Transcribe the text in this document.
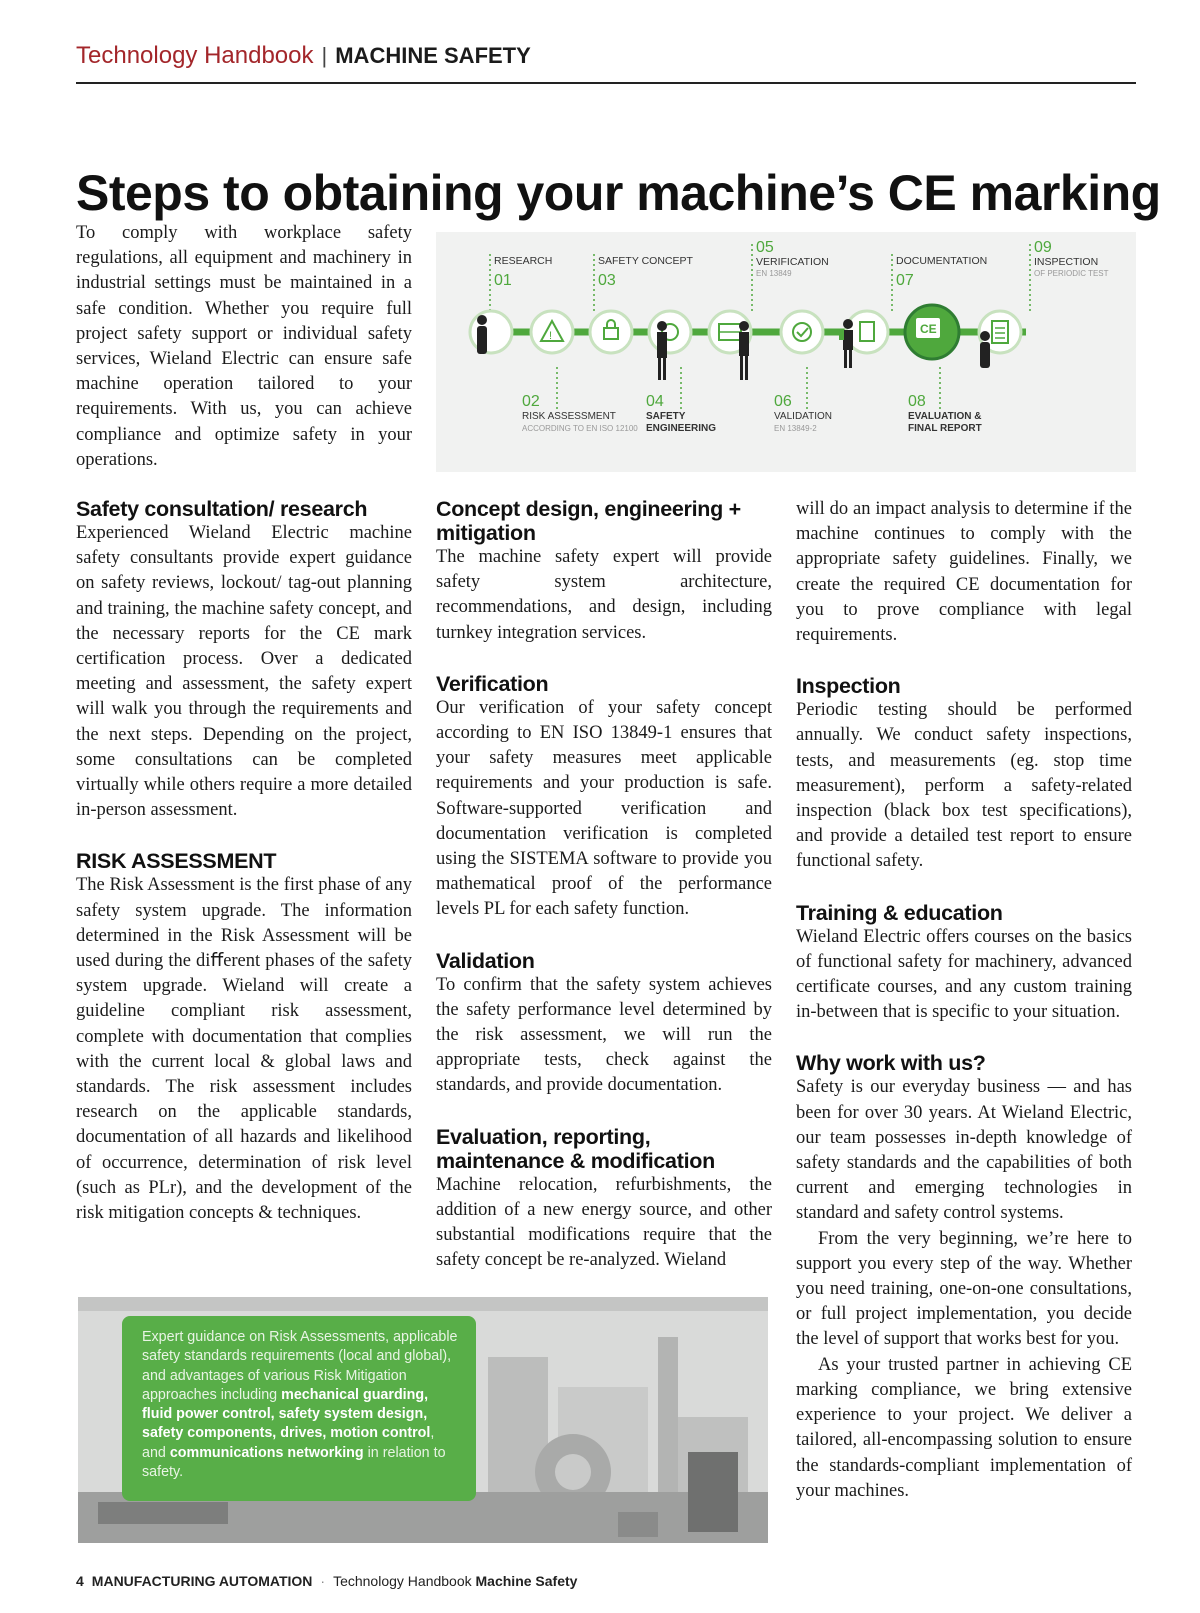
Technology Handbook | MACHINE SAFETY
Steps to obtaining your machine’s CE marking

To comply with workplace safety regulations, all equipment and machinery in industrial settings must be maintained in a safe condition. Whether you require full project safety support or individual safety services, Wieland Electric can ensure safe machine operation tailored to your requirements. With us, you can achieve compliance and optimize safety in your operations.

RESEARCH
01
SAFETY CONCEPT
03
05
VERIFICATION
EN 13849
DOCUMENTATION
07
09
INSPECTION
OF PERIODIC TEST
!	CE
02
RISK ASSESSMENT
ACCORDING TO EN ISO 12100
04
SAFETY
ENGINEERING
06
VALIDATION
EN 13849-2
08
EVALUATION &
FINAL REPORT
Safety consultation/ research

Experienced Wieland Electric machine safety consultants provide expert guidance on safety reviews, lockout/ tag-out planning and training, the machine safety concept, and the necessary reports for the CE mark certification process. Over a dedicated meeting and assessment, the safety expert will walk you through the requirements and the next steps. Depending on the project, some consultations can be completed virtually while others require a more detailed in-person assessment.

RISK ASSESSMENT

The Risk Assessment is the first phase of any safety system upgrade. The information determined in the Risk Assessment will be used during the diﬀerent phases of the safety system upgrade. Wieland will create a guideline compliant risk assessment, complete with documentation that complies with the current local & global laws and standards. The risk assessment includes research on the applicable standards, documentation of all hazards and likelihood of occurrence, determination of risk level (such as PLr), and the development of the risk mitigation concepts & techniques.

Concept design, engineering + mitigation

The machine safety expert will provide safety system architecture, recommendations, and design, including turnkey integration services.

Verification

Our verification of your safety concept according to EN ISO 13849-1 ensures that your safety measures meet applicable requirements and your production is safe. Software-supported verification and documentation verification is completed using the SISTEMA software to provide you mathematical proof of the performance levels PL for each safety function.

Validation

To confirm that the safety system achieves the safety performance level determined by the risk assessment, we will run the appropriate tests, check against the standards, and provide documentation.

Evaluation, reporting, maintenance & modification

Machine relocation, refurbishments, the addition of a new energy source, and other substantial modifications require that the safety concept be re-analyzed. Wieland

will do an impact analysis to determine if the machine continues to comply with the appropriate safety guidelines. Finally, we create the required CE documentation for you to prove compliance with legal requirements.

Inspection

Periodic testing should be performed annually. We conduct safety inspections, tests, and measurements (eg. stop time measurement), perform a safety-related inspection (black box test specifications), and provide a detailed test report to ensure functional safety.

Training & education

Wieland Electric offers courses on the basics of functional safety for machinery, advanced certificate courses, and any custom training in-between that is specific to your situation.

Why work with us?

Safety is our everyday business — and has been for over 30 years. At Wieland Electric, our team possesses in-depth knowledge of safety standards and the capabilities of both current and emerging technologies in standard and safety control systems.

From the very beginning, we’re here to support you every step of the way. Whether you need training, one-on-one consultations, or full project implementation, you decide the level of support that works best for you.

As your trusted partner in achieving CE marking compliance, we bring extensive experience to your project. We deliver a tailored, all-encompassing solution to ensure the standards-compliant implementation of your machines.

Expert guidance on Risk Assessments, applicable safety standards requirements (local and global), and advantages of various Risk Mitigation approaches including mechanical guarding, fluid power control, safety system design, safety components, drives, motion control, and communications networking in relation to safety.
4 MANUFACTURING AUTOMATION · Technology Handbook Machine Safety
